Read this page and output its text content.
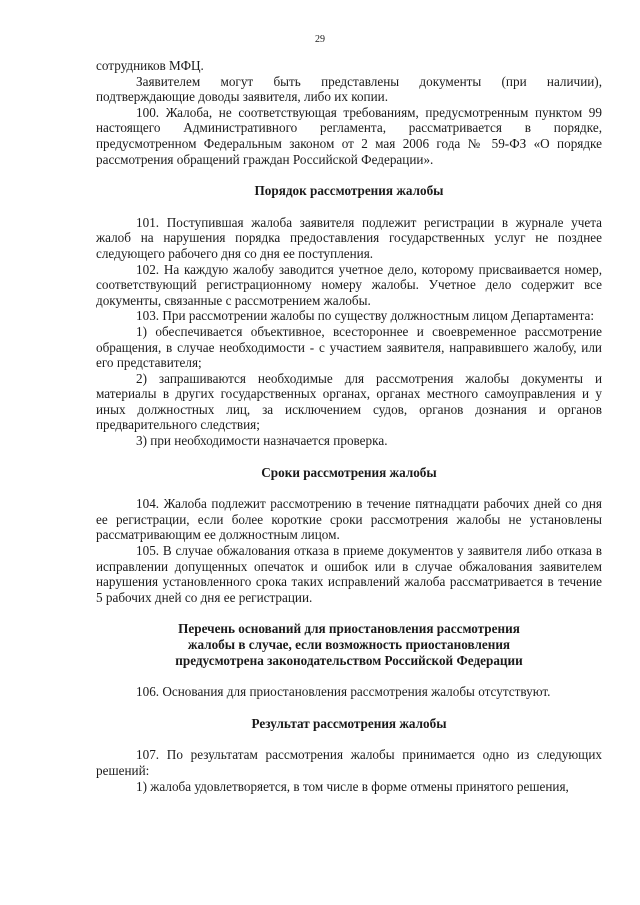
29

сотрудников МФЦ.

Заявителем могут быть представлены документы (при наличии), подтверждающие доводы заявителя, либо их копии.

100. Жалоба, не соответствующая требованиям, предусмотренным пунктом 99 настоящего Административного регламента, рассматривается в порядке, предусмотренном Федеральным законом от 2 мая 2006 года № 59-ФЗ «О порядке рассмотрения обращений граждан Российской Федерации».

Порядок рассмотрения жалобы

101. Поступившая жалоба заявителя подлежит регистрации в журнале учета жалоб на нарушения порядка предоставления государственных услуг не позднее следующего рабочего дня со дня ее поступления.

102. На каждую жалобу заводится учетное дело, которому присваивается номер, соответствующий регистрационному номеру жалобы. Учетное дело содержит все документы, связанные с рассмотрением жалобы.

103. При рассмотрении жалобы по существу должностным лицом Департамента:

1) обеспечивается объективное, всестороннее и своевременное рассмотрение обращения, в случае необходимости - с участием заявителя, направившего жалобу, или его представителя;

2) запрашиваются необходимые для рассмотрения жалобы документы и материалы в других государственных органах, органах местного самоуправления и у иных должностных лиц, за исключением судов, органов дознания и органов предварительного следствия;

3) при необходимости назначается проверка.

Сроки рассмотрения жалобы

104. Жалоба подлежит рассмотрению в течение пятнадцати рабочих дней со дня ее регистрации, если более короткие сроки рассмотрения жалобы не установлены рассматривающим ее должностным лицом.

105. В случае обжалования отказа в приеме документов у заявителя либо отказа в исправлении допущенных опечаток и ошибок или в случае обжалования заявителем нарушения установленного срока таких исправлений жалоба рассматривается в течение 5 рабочих дней со дня ее регистрации.

Перечень оснований для приостановления рассмотрения
жалобы в случае, если возможность приостановления
предусмотрена законодательством Российской Федерации

106. Основания для приостановления рассмотрения жалобы отсутствуют.

Результат рассмотрения жалобы

107. По результатам рассмотрения жалобы принимается одно из следующих решений:

1) жалоба удовлетворяется, в том числе в форме отмены принятого решения,
